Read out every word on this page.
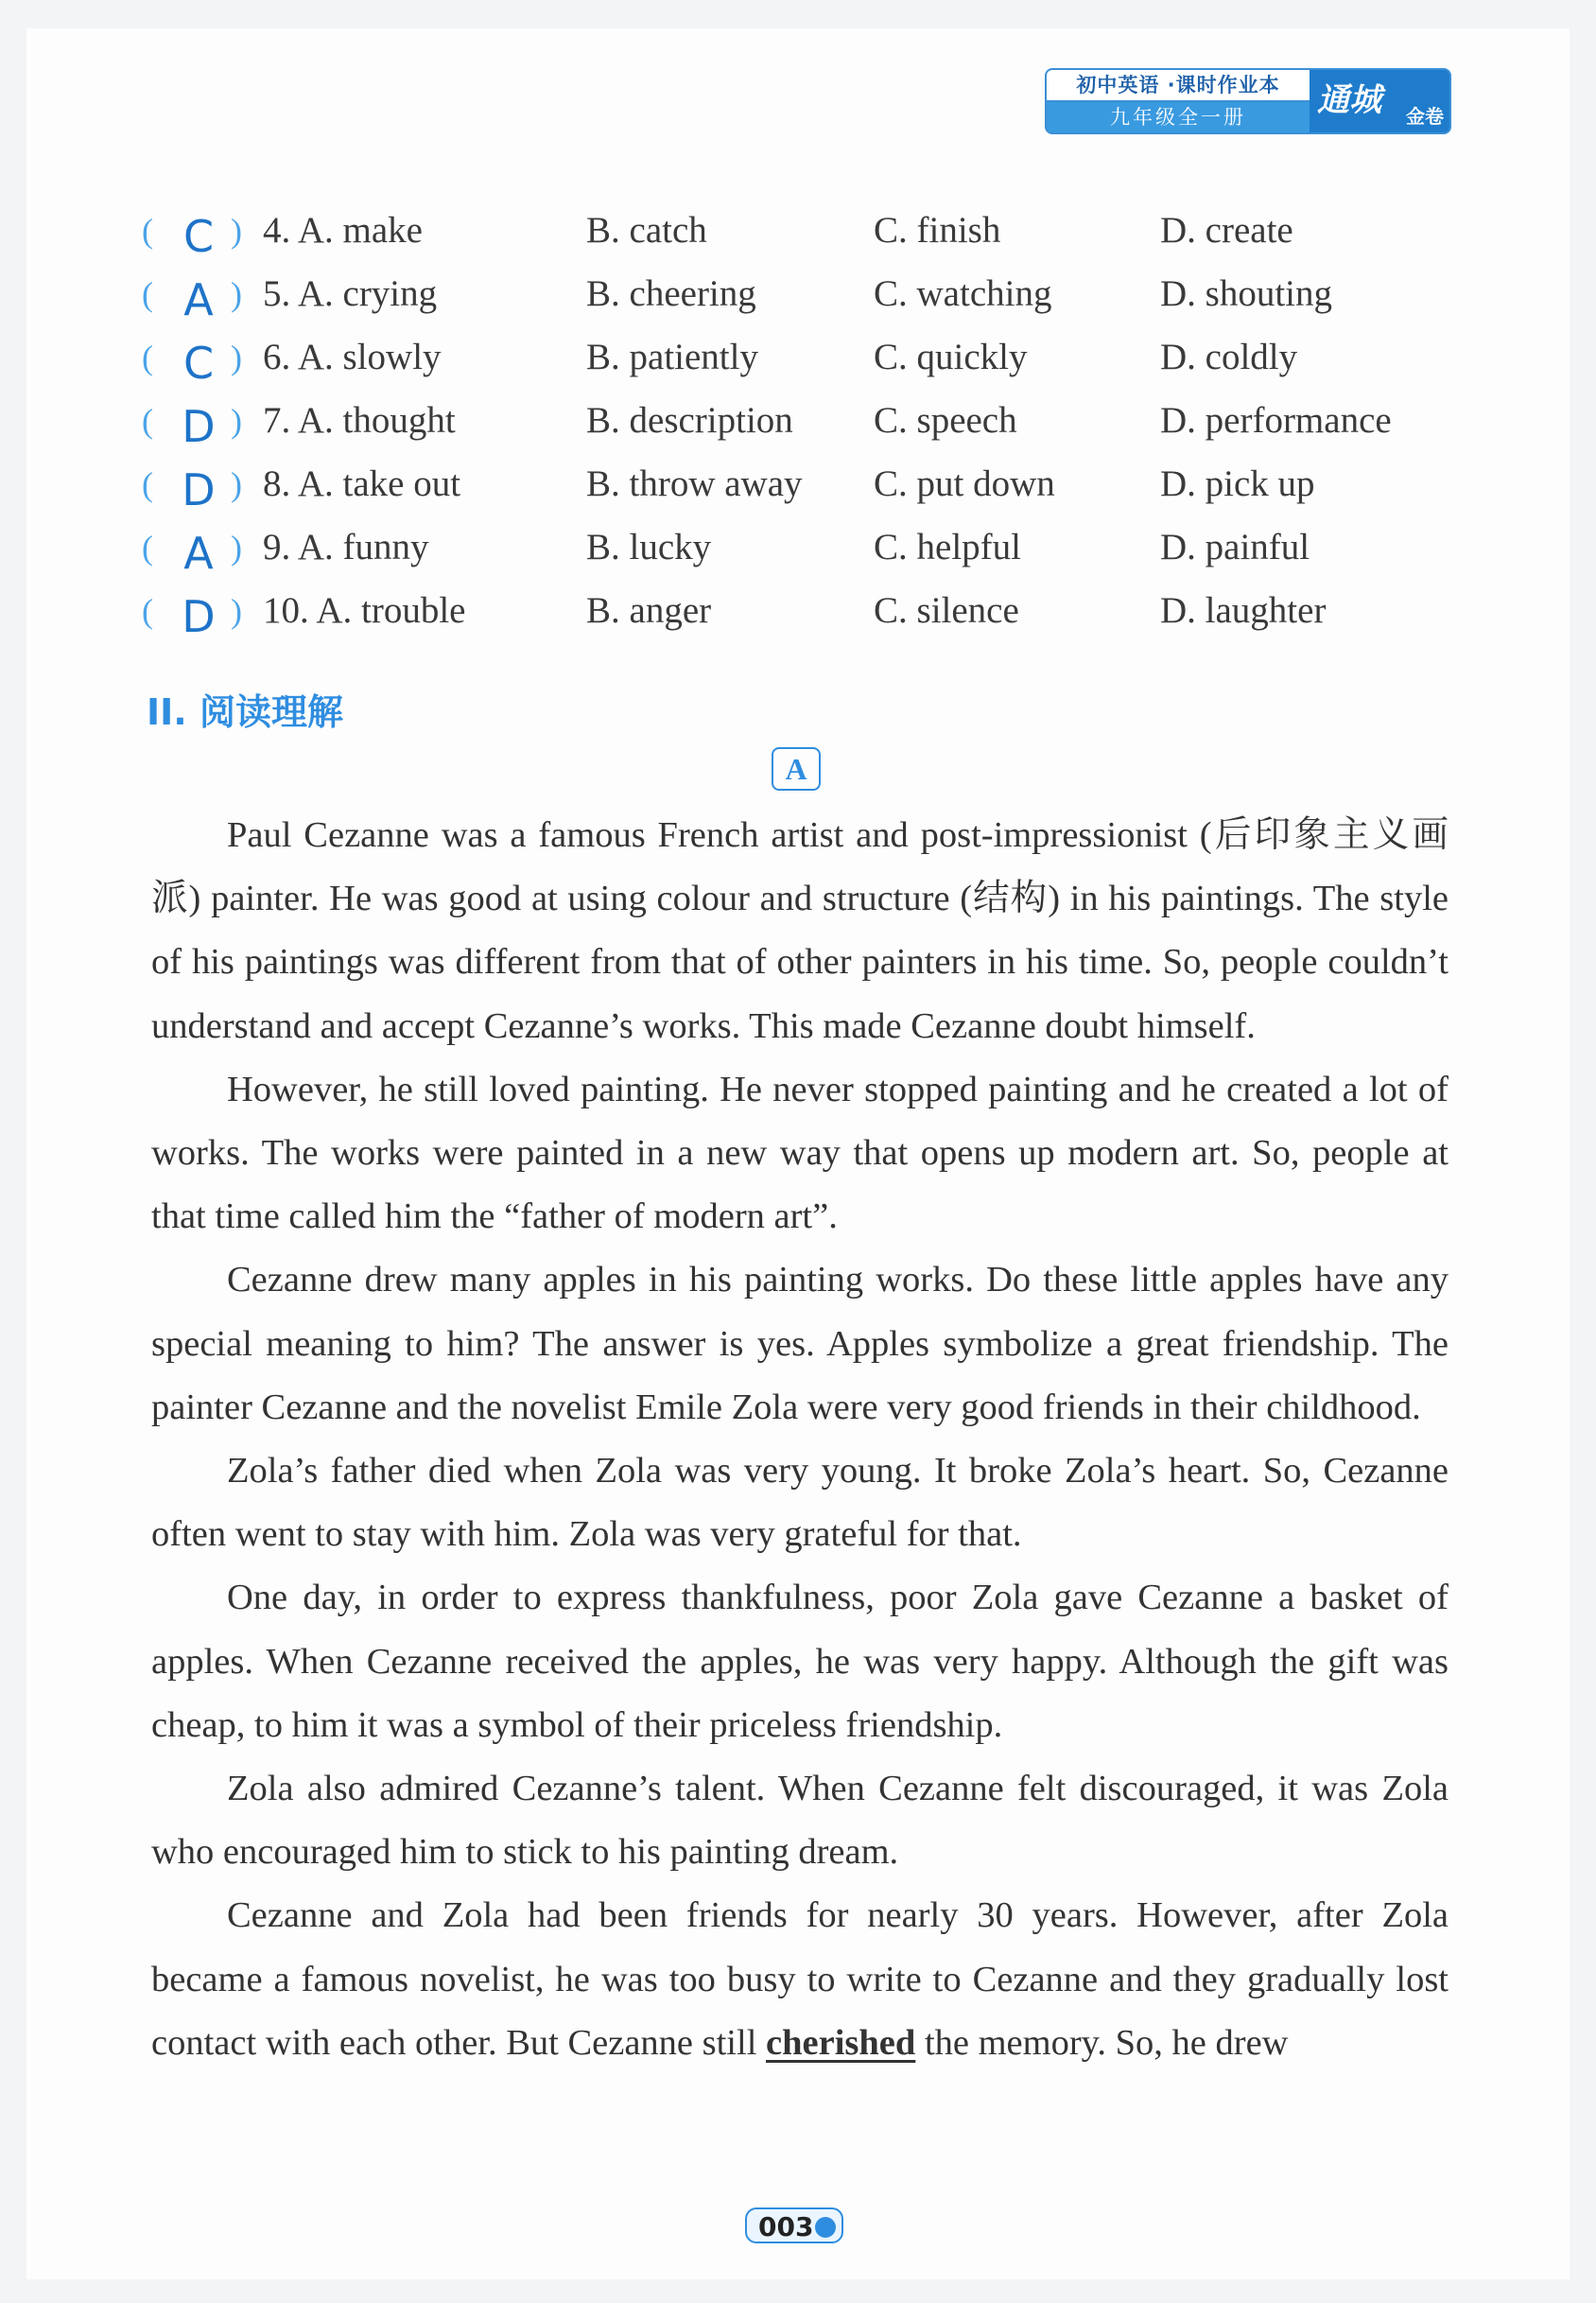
初中英语 ·课时作业本
九年级全一册	通城 金卷
( C ) 4. A. make	B. catch	C. finish	D. create
( A ) 5. A. crying	B. cheering	C. watching	D. shouting
( C ) 6. A. slowly	B. patiently	C. quickly	D. coldly
( D ) 7. A. thought	B. description C. speech	D. performance
( D ) 8. A. take out	B. throw away C. put down	D. pick up
( A ) 9. A. funny	B. lucky	C. helpful	D. painful
( D ) 10. A. trouble	B. anger	C. silence	D. laughter
II. 阅读理解
A

Paul Cezanne was a famous French artist and post-impressionist (后印象主义画派) painter. He was good at using colour and structure (结构) in his paintings. The style of his paintings was different from that of other painters in his time. So, people couldn’t understand and accept Cezanne’s works. This made Cezanne doubt himself.

However, he still loved painting. He never stopped painting and he created a lot of works. The works were painted in a new way that opens up modern art. So, people at that time called him the “father of modern art”.

Cezanne drew many apples in his painting works. Do these little apples have any special meaning to him? The answer is yes. Apples symbolize a great friendship. The painter Cezanne and the novelist Emile Zola were very good friends in their childhood.

Zola’s father died when Zola was very young. It broke Zola’s heart. So, Cezanne often went to stay with him. Zola was very grateful for that.

One day, in order to express thankfulness, poor Zola gave Cezanne a basket of apples. When Cezanne received the apples, he was very happy. Although the gift was cheap, to him it was a symbol of their priceless friendship.

Zola also admired Cezanne’s talent. When Cezanne felt discouraged, it was Zola who encouraged him to stick to his painting dream.

Cezanne and Zola had been friends for nearly 30 years. However, after Zola became a famous novelist, he was too busy to write to Cezanne and they gradually lost contact with each other. But Cezanne still cherished the memory. So, he drew

003
